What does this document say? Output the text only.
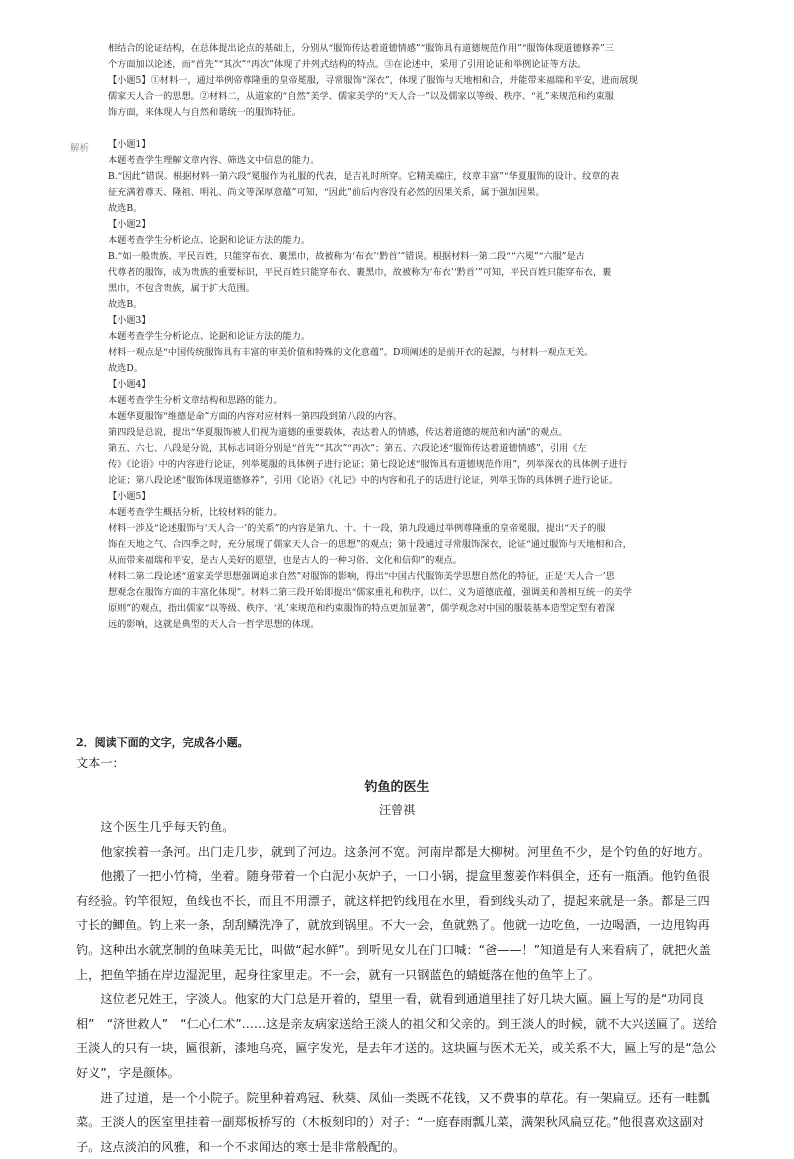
相结合的论证结构，在总体提出论点的基础上，分别从“服饰传达着道德情感”“服饰具有道德规范作用”“服饰体现道德修养”三

个方面加以论述，而“首先”“其次”“再次”体现了并列式结构的特点。③在论述中，采用了引用论证和举例论证等方法。

【小题5】①材料一，通过举例帝尊隆重的皇帝冕服，寻常服饰“深衣”，体现了服饰与天地相和合，并能带来福瑞和平安，进而展现

儒家天人合一的思想。②材料二，从道家的“自然”美学、儒家美学的“天人合一”以及儒家以等级、秩序、“礼”来规范和约束服

饰方面，来体现人与自然和谐统一的服饰特征。

解析 【小题1】

本题考查学生理解文章内容、筛选文中信息的能力。

B.“因此”错误。根据材料一第六段“冕服作为礼服的代表，是吉礼时所穿。它精美端庄，纹章丰富”“华夏服饰的设计、纹章的表

征充满着尊天、隆祖、明礼、尚文等深厚意蕴”可知，“因此”前后内容没有必然的因果关系，属于强加因果。

故选B。

【小题2】

本题考查学生分析论点、论据和论证方法的能力。

B.“如一般贵族、平民百姓，只能穿布衣、裹黑巾，故被称为‘布衣’‘黔首’”错误。根据材料一第二段““六冕”“六服”是古

代尊者的服饰，成为贵族的重要标识，平民百姓只能穿布衣、裹黑巾，故被称为‘布衣’‘黔首’”可知，平民百姓只能穿布衣，裹

黑巾，不包含贵族，属于扩大范围。

故选B。

【小题3】

本题考查学生分析论点、论据和论证方法的能力。

材料一观点是“中国传统服饰具有丰富的审美价值和特殊的文化意蕴”。D项阐述的是前开衣的起源，与材料一观点无关。

故选D。

【小题4】

本题考查学生分析文章结构和思路的能力。

本题华夏服饰“维德是命”方面的内容对应材料一第四段到第八段的内容。

第四段是总说，提出“华夏服饰被人们视为道德的重要载体，表达着人的情感，传达着道德的规范和内涵”的观点。

第五、六七、八段是分说，其标志词语分别是“首先”“其次”“再次”；第五、六段论述“服饰传达着道德情感”，引用《左

传》《论语》中的内容进行论证，列举冕服的具体例子进行论证；第七段论述“服饰具有道德规范作用”，列举深衣的具体例子进行

论证；第八段论述“服饰体现道德修养”，引用《论语》《礼记》中的内容和孔子的话进行论证，列举玉饰的具体例子进行论证。

【小题5】

本题考查学生概括分析，比较材料的能力。

材料一涉及“论述服饰与‘天人合一’的关系”的内容是第九、十、十一段，第九段通过举例尊隆重的皇帝冕服，提出“天子的服

饰在天地之气、合四季之时，充分展现了儒家天人合一的思想”的观点；第十段通过寻常服饰深衣，论证“通过服饰与天地相和合，

从而带来福瑞和平安，是古人美好的愿望，也是古人的一种习俗、文化和信仰”的观点。

材料二第二段论述“道家美学思想强调追求自然”对服饰的影响，得出“中国古代服饰美学思想自然化的特征，正是‘天人合一’思

想观念在服饰方面的丰富化体现”。材料二第三段开始即提出“儒家重礼和秩序，以仁、义为道德底蕴，强调美和善相互统一的美学

原则”的观点，指出儒家“以等级、秩序、‘礼’来规范和约束服饰的特点更加显著”，儒学观念对中国的服装基本造型定型有着深

远的影响，这就是典型的天人合一哲学思想的体现。

2．阅读下面的文字，完成各小题。
文本一：
钓鱼的医生
汪曾祺

这个医生几乎每天钓鱼。

他家挨着一条河。出门走几步，就到了河边。这条河不宽。河南岸都是大柳树。河里鱼不少，是个钓鱼的好地方。

他搬了一把小竹椅，坐着。随身带着一个白泥小灰炉子，一口小锅，提盒里葱姜作料俱全，还有一瓶酒。他钓鱼很有经验。钓竿很短，鱼线也不长，而且不用漂子，就这样把钓线甩在水里，看到线头动了，提起来就是一条。都是三四寸长的鲫鱼。钓上来一条，刮刮鳞洗净了，就放到锅里。不大一会，鱼就熟了。他就一边吃鱼，一边喝酒，一边甩钩再钓。这种出水就烹制的鱼味美无比，叫做“起水鲜”。到听见女儿在门口喊：“爸——！”知道是有人来看病了，就把火盖上，把鱼竿插在岸边湿泥里，起身往家里走。不一会，就有一只钢蓝色的蜻蜓落在他的鱼竿上了。

这位老兄姓王，字淡人。他家的大门总是开着的，望里一看，就看到通道里挂了好几块大匾。匾上写的是“功同良相”　“济世救人”　“仁心仁术”……这是亲友病家送给王淡人的祖父和父亲的。到王淡人的时候，就不大兴送匾了。送给王淡人的只有一块，匾很新，漆地乌亮，匾字发光，是去年才送的。这块匾与医术无关，或关系不大，匾上写的是“急公好义”，字是颜体。

进了过道，是一个小院子。院里种着鸡冠、秋葵、凤仙一类既不花钱，又不费事的草花。有一架扁豆。还有一畦瓢菜。王淡人的医室里挂着一副郑板桥写的（木板刻印的）对子：“一庭春雨瓢儿菜，满架秋风扁豆花。”他很喜欢这副对子。这点淡泊的风雅，和一个不求闻达的寒士是非常般配的。
